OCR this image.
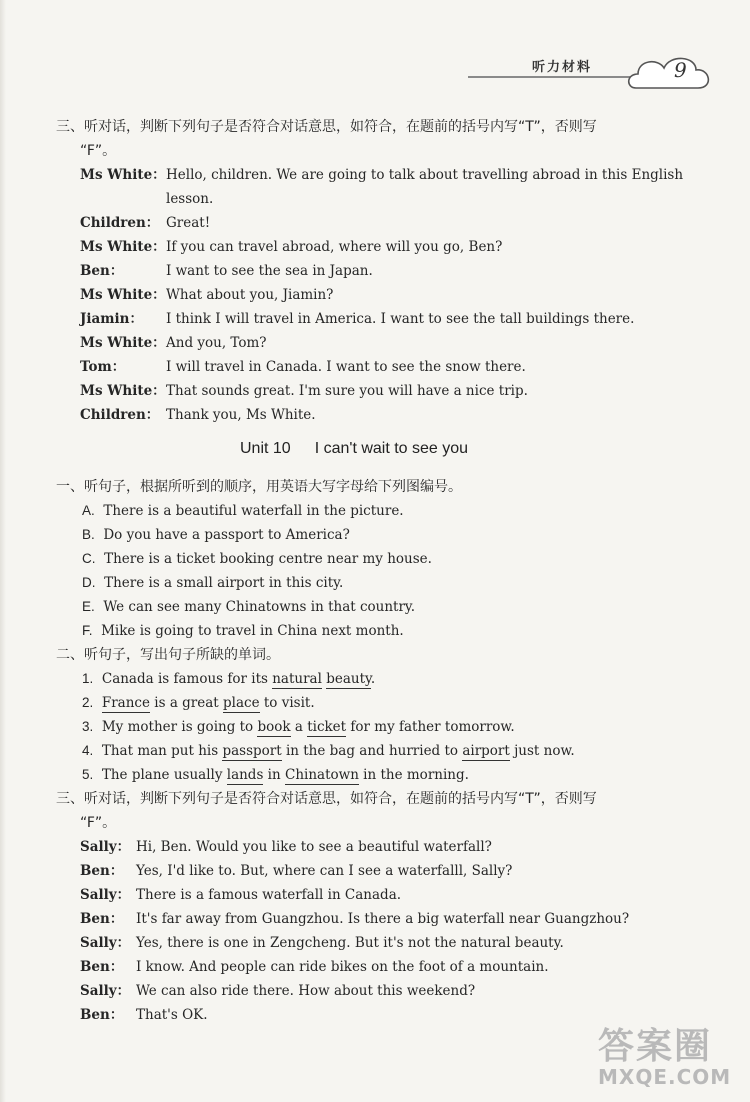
听力材料	9
三、听对话，判断下列句子是否符合对话意思，如符合，在题前的括号内写“T”，否则写
“F”。
Ms White： Hello, children. We are going to talk about travelling abroad in this English
lesson.
Children： Great!
Ms White： If you can travel abroad, where will you go, Ben?
Ben：	I want to see the sea in Japan.
Ms White： What about you, Jiamin?
Jiamin： I think I will travel in America. I want to see the tall buildings there.
Ms White： And you, Tom?
Tom：	I will travel in Canada. I want to see the snow there.
Ms White： That sounds great. I'm sure you will have a nice trip.
Children： Thank you, Ms White.
Unit 10 I can't wait to see you
一、听句子，根据所听到的顺序，用英语大写字母给下列图编号。
A. There is a beautiful waterfall in the picture.
B. Do you have a passport to America?
C. There is a ticket booking centre near my house.
D. There is a small airport in this city.
E. We can see many Chinatowns in that country.
F. Mike is going to travel in China next month.
二、听句子，写出句子所缺的单词。
1. Canada is famous for its natural beauty.
2. France is a great place to visit.
3. My mother is going to book a ticket for my father tomorrow.
4. That man put his passport in the bag and hurried to airport just now.
5. The plane usually lands in Chinatown in the morning.
三、听对话，判断下列句子是否符合对话意思，如符合，在题前的括号内写“T”，否则写
“F”。
Sally： Hi, Ben. Would you like to see a beautiful waterfall?
Ben： Yes, I'd like to. But, where can I see a waterfalll, Sally?
Sally： There is a famous waterfall in Canada.
Ben： It's far away from Guangzhou. Is there a big waterfall near Guangzhou?
Sally： Yes, there is one in Zengcheng. But it's not the natural beauty.
Ben： I know. And people can ride bikes on the foot of a mountain.
Sally： We can also ride there. How about this weekend?
Ben： That's OK.
答案圈
MXQE.COM
